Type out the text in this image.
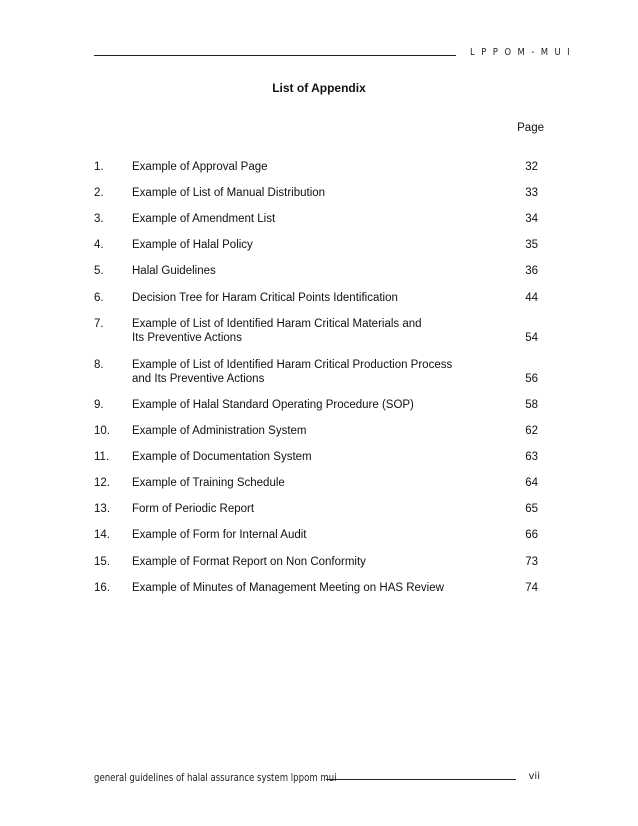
L P P O M - M U I
List of Appendix
Page
1. Example of Approval Page	32
2. Example of List of Manual Distribution	33
3. Example of Amendment List	34
4. Example of Halal Policy	35
5. Halal Guidelines	36
6. Decision Tree for Haram Critical Points Identification	44
7. Example of List of Identified Haram Critical Materials and
Its Preventive Actions	54
8. Example of List of Identified Haram Critical Production Process
and Its Preventive Actions	56
9. Example of Halal Standard Operating Procedure (SOP)	58
10. Example of Administration System	62
11. Example of Documentation System	63
12. Example of Training Schedule	64
13. Form of Periodic Report	65
14. Example of Form for Internal Audit	66
15. Example of Format Report on Non Conformity	73
16. Example of Minutes of Management Meeting on HAS Review	74
general guidelines of halal assurance system lppom mui	vii
